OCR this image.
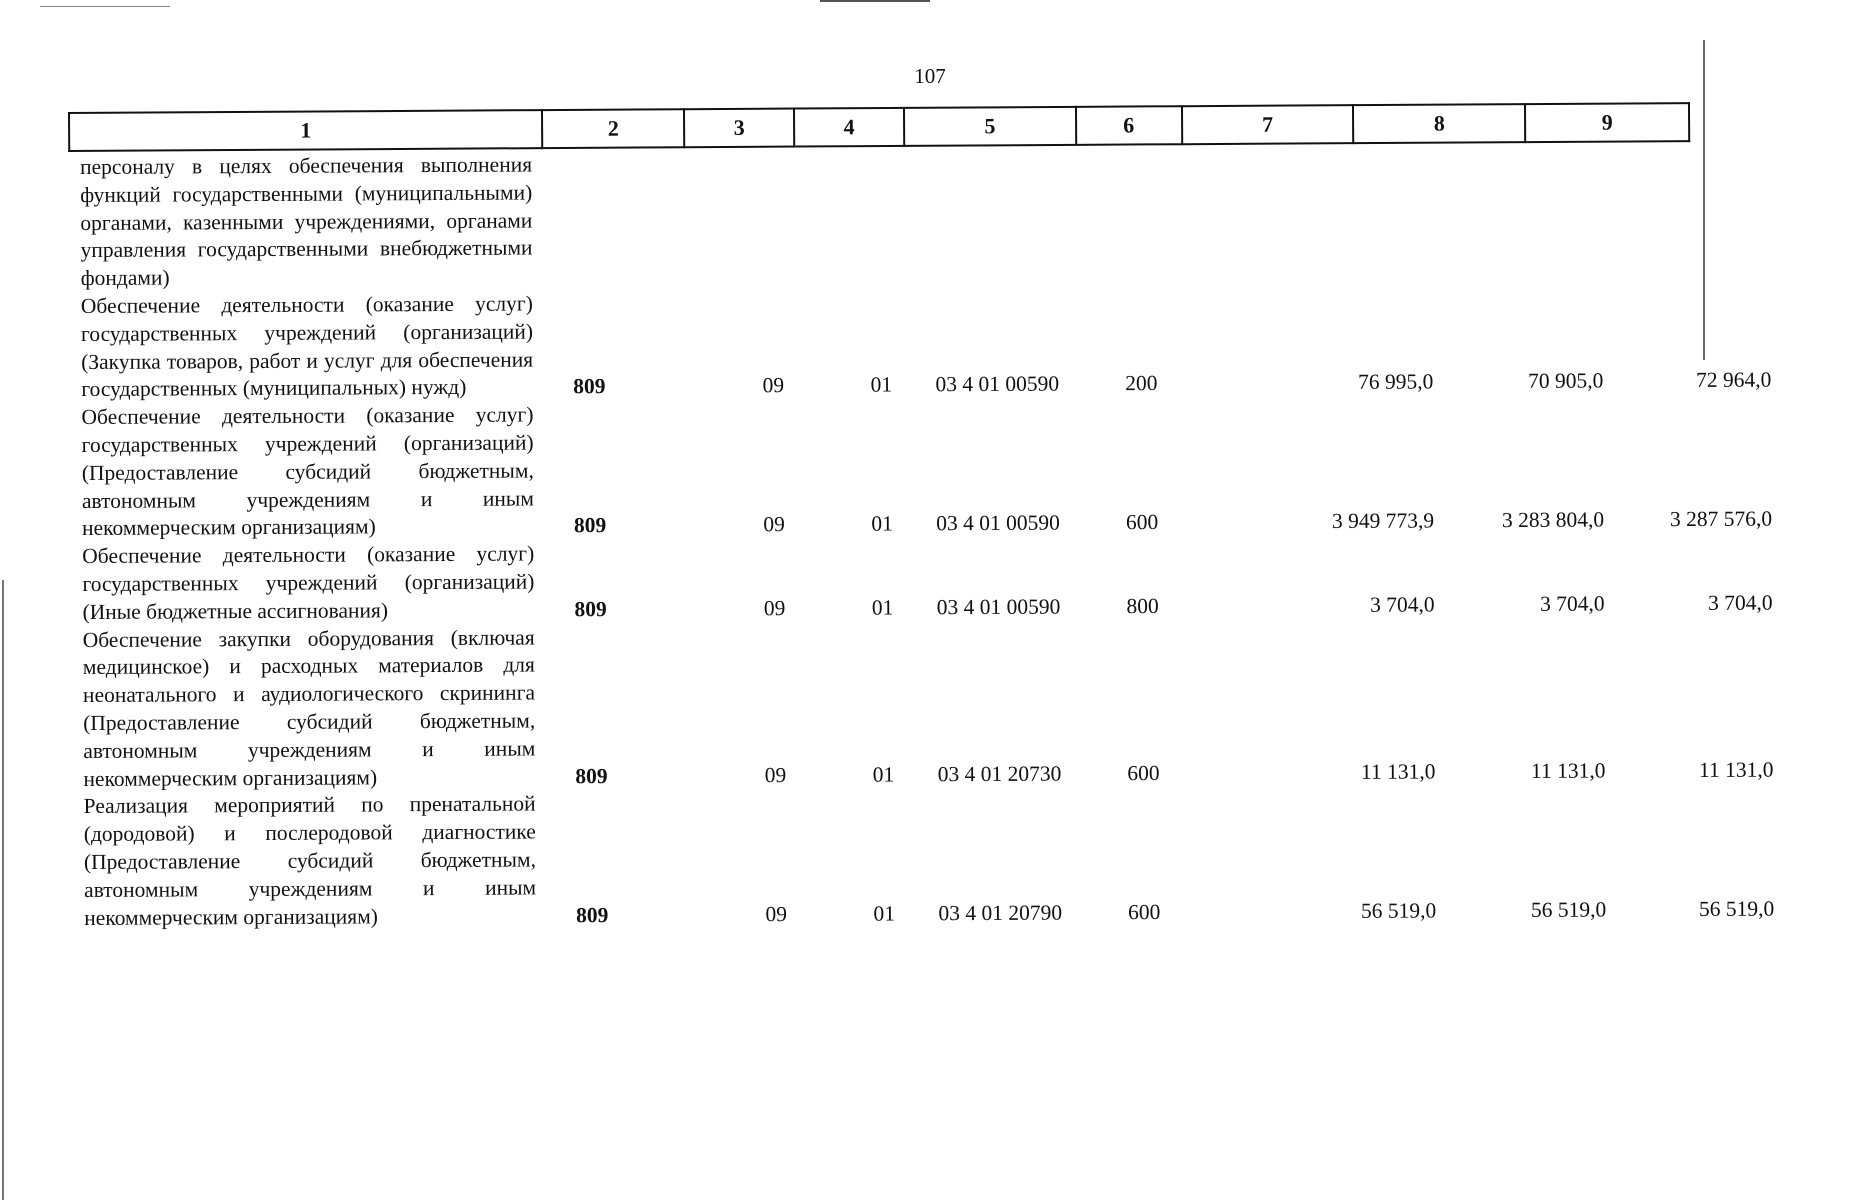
107
1	2	3	4	5	6	7	8	9
персоналу в целях обеспечения выполнения функций государственными (муниципальными) органами, казенными учреждениями, органами управления государственными внебюджетными фондами)
Обеспечение деятельности (оказание услуг) государственных учреждений (организаций) (Закупка товаров, работ и услуг для обеспечения государственных (муниципальных) нужд)	809	09	01	03 4 01 00590	200	76 995,0	70 905,0	72 964,0
Обеспечение деятельности (оказание услуг) государственных учреждений (организаций) (Предоставление субсидий бюджетным, автономным учреждениям и иным некоммерческим организациям)	809	09	01	03 4 01 00590	600	3 949 773,9	3 283 804,0	3 287 576,0
Обеспечение деятельности (оказание услуг) государственных учреждений (организаций) (Иные бюджетные ассигнования)	809	09	01	03 4 01 00590	800	3 704,0	3 704,0	3 704,0
Обеспечение закупки оборудования (включая медицинское) и расходных материалов для неонатального и аудиологического скрининга (Предоставление субсидий бюджетным, автономным учреждениям и иным некоммерческим организациям)	809	09	01	03 4 01 20730	600	11 131,0	11 131,0	11 131,0
Реализация мероприятий по пренатальной (дородовой) и послеродовой диагностике (Предоставление субсидий бюджетным, автономным учреждениям и иным некоммерческим организациям)	809	09	01	03 4 01 20790	600	56 519,0	56 519,0	56 519,0
